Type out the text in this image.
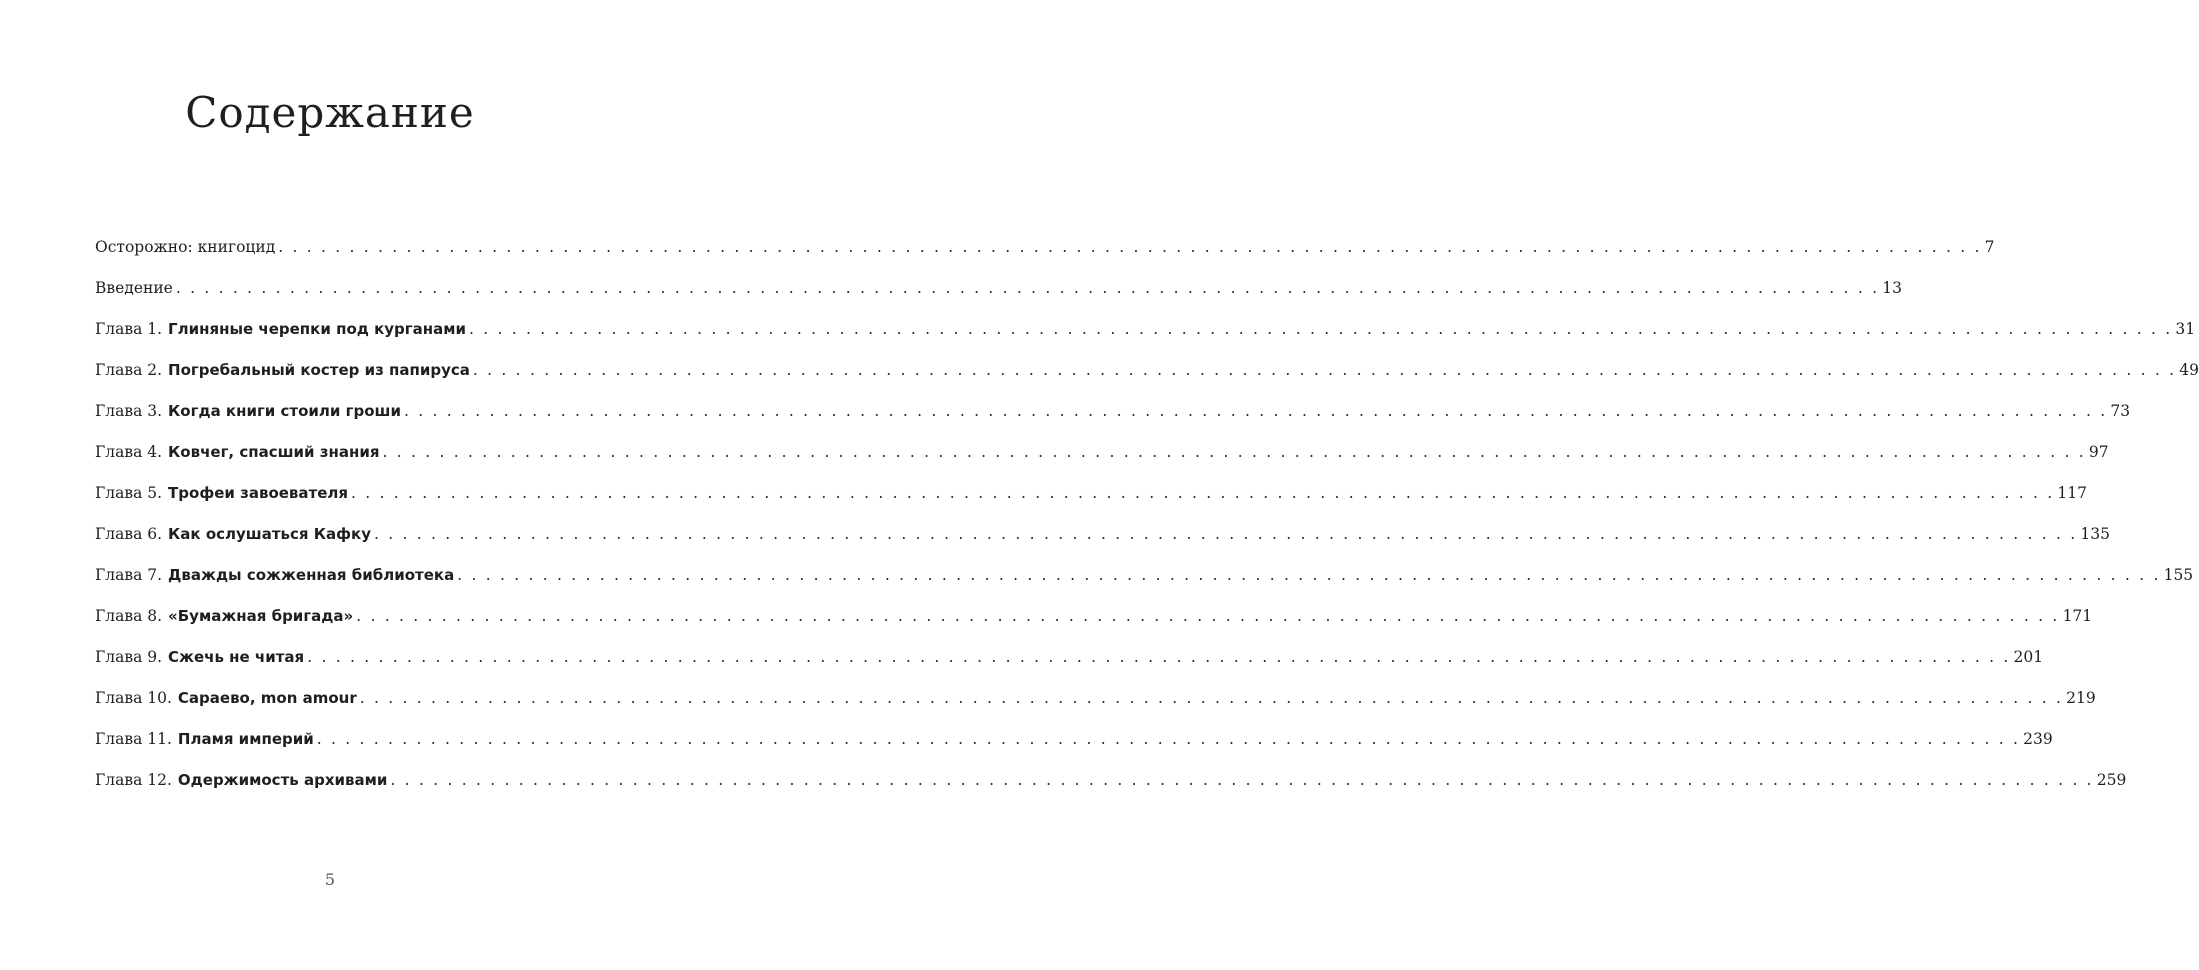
Содержание
Осторожно: книгоцид . . . . . . . . . . . . . . . . . . . . . . . . . . . . . . . . . . . . . . . . . . . . . . . . . . . . . . . . . . . . . . . . . . . . . . . . . . . . . . . . . . . . . . . . . . . . . . . . . . . . . . . . . . . . . . . . . . . . . . . . 7
Введение . . . . . . . . . . . . . . . . . . . . . . . . . . . . . . . . . . . . . . . . . . . . . . . . . . . . . . . . . . . . . . . . . . . . . . . . . . . . . . . . . . . . . . . . . . . . . . . . . . . . . . . . . . . . . . . . . . . . . . . . 13
Глава 1. Глиняные черепки под курганами . . . . . . . . . . . . . . . . . . . . . . . . . . . . . . . . . . . . . . . . . . . . . . . . . . . . . . . . . . . . . . . . . . . . . . . . . . . . . . . . . . . . . . . . . . . . . . . . . . . . . . . . . . . . . . . . . . . . . . . . 31
Глава 2. Погребальный костер из папируса . . . . . . . . . . . . . . . . . . . . . . . . . . . . . . . . . . . . . . . . . . . . . . . . . . . . . . . . . . . . . . . . . . . . . . . . . . . . . . . . . . . . . . . . . . . . . . . . . . . . . . . . . . . . . . . . . . . . . . . . 49
Глава 3. Когда книги стоили гроши . . . . . . . . . . . . . . . . . . . . . . . . . . . . . . . . . . . . . . . . . . . . . . . . . . . . . . . . . . . . . . . . . . . . . . . . . . . . . . . . . . . . . . . . . . . . . . . . . . . . . . . . . . . . . . . . . . . . . . . . 73
Глава 4. Ковчег, спасший знания . . . . . . . . . . . . . . . . . . . . . . . . . . . . . . . . . . . . . . . . . . . . . . . . . . . . . . . . . . . . . . . . . . . . . . . . . . . . . . . . . . . . . . . . . . . . . . . . . . . . . . . . . . . . . . . . . . . . . . . . 97
Глава 5. Трофеи завоевателя . . . . . . . . . . . . . . . . . . . . . . . . . . . . . . . . . . . . . . . . . . . . . . . . . . . . . . . . . . . . . . . . . . . . . . . . . . . . . . . . . . . . . . . . . . . . . . . . . . . . . . . . . . . . . . . . . . . . . . . . 117
Глава 6. Как ослушаться Кафку . . . . . . . . . . . . . . . . . . . . . . . . . . . . . . . . . . . . . . . . . . . . . . . . . . . . . . . . . . . . . . . . . . . . . . . . . . . . . . . . . . . . . . . . . . . . . . . . . . . . . . . . . . . . . . . . . . . . . . . . 135
Глава 7. Дважды сожженная библиотека . . . . . . . . . . . . . . . . . . . . . . . . . . . . . . . . . . . . . . . . . . . . . . . . . . . . . . . . . . . . . . . . . . . . . . . . . . . . . . . . . . . . . . . . . . . . . . . . . . . . . . . . . . . . . . . . . . . . . . . . 155
Глава 8. «Бумажная бригада» . . . . . . . . . . . . . . . . . . . . . . . . . . . . . . . . . . . . . . . . . . . . . . . . . . . . . . . . . . . . . . . . . . . . . . . . . . . . . . . . . . . . . . . . . . . . . . . . . . . . . . . . . . . . . . . . . . . . . . . . 171
Глава 9. Сжечь не читая . . . . . . . . . . . . . . . . . . . . . . . . . . . . . . . . . . . . . . . . . . . . . . . . . . . . . . . . . . . . . . . . . . . . . . . . . . . . . . . . . . . . . . . . . . . . . . . . . . . . . . . . . . . . . . . . . . . . . . . . 201
Глава 10. Сараево, mon amour . . . . . . . . . . . . . . . . . . . . . . . . . . . . . . . . . . . . . . . . . . . . . . . . . . . . . . . . . . . . . . . . . . . . . . . . . . . . . . . . . . . . . . . . . . . . . . . . . . . . . . . . . . . . . . . . . . . . . . . . 219
Глава 11. Пламя империй . . . . . . . . . . . . . . . . . . . . . . . . . . . . . . . . . . . . . . . . . . . . . . . . . . . . . . . . . . . . . . . . . . . . . . . . . . . . . . . . . . . . . . . . . . . . . . . . . . . . . . . . . . . . . . . . . . . . . . . . 239
Глава 12. Одержимость архивами . . . . . . . . . . . . . . . . . . . . . . . . . . . . . . . . . . . . . . . . . . . . . . . . . . . . . . . . . . . . . . . . . . . . . . . . . . . . . . . . . . . . . . . . . . . . . . . . . . . . . . . . . . . . . . . . . . . . . . . . 259
5
